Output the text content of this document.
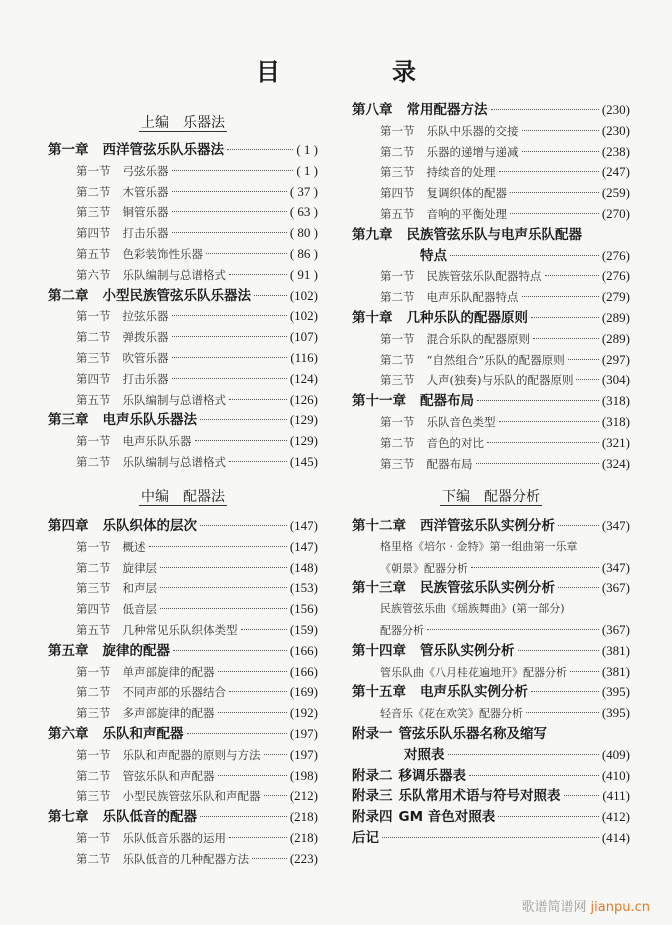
目　录
上编　乐器法
第一章 西洋管弦乐队乐器法	( 1 )
第一节 弓弦乐器	( 1 )
第二节 木管乐器	( 37 )
第三节 铜管乐器	( 63 )
第四节 打击乐器	( 80 )
第五节 色彩装饰性乐器	( 86 )
第六节 乐队编制与总谱格式	( 91 )
第二章 小型民族管弦乐队乐器法	(102)
第一节 拉弦乐器	(102)
第二节 弹拨乐器	(107)
第三节 吹管乐器	(116)
第四节 打击乐器	(124)
第五节 乐队编制与总谱格式	(126)
第三章 电声乐队乐器法	(129)
第一节 电声乐队乐器	(129)
第二节 乐队编制与总谱格式	(145)
中编　配器法
第四章 乐队织体的层次	(147)
第一节 概述	(147)
第二节 旋律层	(148)
第三节 和声层	(153)
第四节 低音层	(156)
第五节 几种常见乐队织体类型	(159)
第五章 旋律的配器	(166)
第一节 单声部旋律的配器	(166)
第二节 不同声部的乐器结合	(169)
第三节 多声部旋律的配器	(192)
第六章 乐队和声配器	(197)
第一节 乐队和声配器的原则与方法 (197)
第二节 管弦乐队和声配器	(198)
第三节 小型民族管弦乐队和声配器 (212)
第七章 乐队低音的配器	(218)
第一节 乐队低音乐器的运用	(218)
第二节 乐队低音的几种配器方法	(223)
第八章 常用配器方法	(230)
第一节 乐队中乐器的交接	(230)
第二节 乐器的递增与递减	(238)
第三节 持续音的处理	(247)
第四节 复调织体的配器	(259)
第五节 音响的平衡处理	(270)
第九章 民族管弦乐队与电声乐队配器
特点	(276)
第一节 民族管弦乐队配器特点	(276)
第二节 电声乐队配器特点	(279)
第十章 几种乐队的配器原则	(289)
第一节 混合乐队的配器原则	(289)
第二节 “自然组合”乐队的配器原则	(297)
第三节 人声(独奏)与乐队的配器原则 (304)
第十一章 配器布局	(318)
第一节 乐队音色类型	(318)
第二节 音色的对比	(321)
第三节 配器布局	(324)
下编　配器分析
第十二章 西洋管弦乐队实例分析	(347)
格里格《培尔 · 金特》第一组曲第一乐章
《朝景》配器分析	(347)
第十三章 民族管弦乐队实例分析	(367)
民族管弦乐曲《瑶族舞曲》(第一部分)
配器分析	(367)
第十四章 管乐队实例分析	(381)
管乐队曲《八月桂花遍地开》配器分析	(381)
第十五章 电声乐队实例分析	(395)
轻音乐《花在欢笑》配器分析	(395)
附录一 管弦乐队乐器名称及缩写
对照表	(409)
附录二 移调乐器表	(410)
附录三 乐队常用术语与符号对照表	(411)
附录四 GM 音色对照表	(412)
后记	(414)
歌谱简谱网 jianpu.cn
